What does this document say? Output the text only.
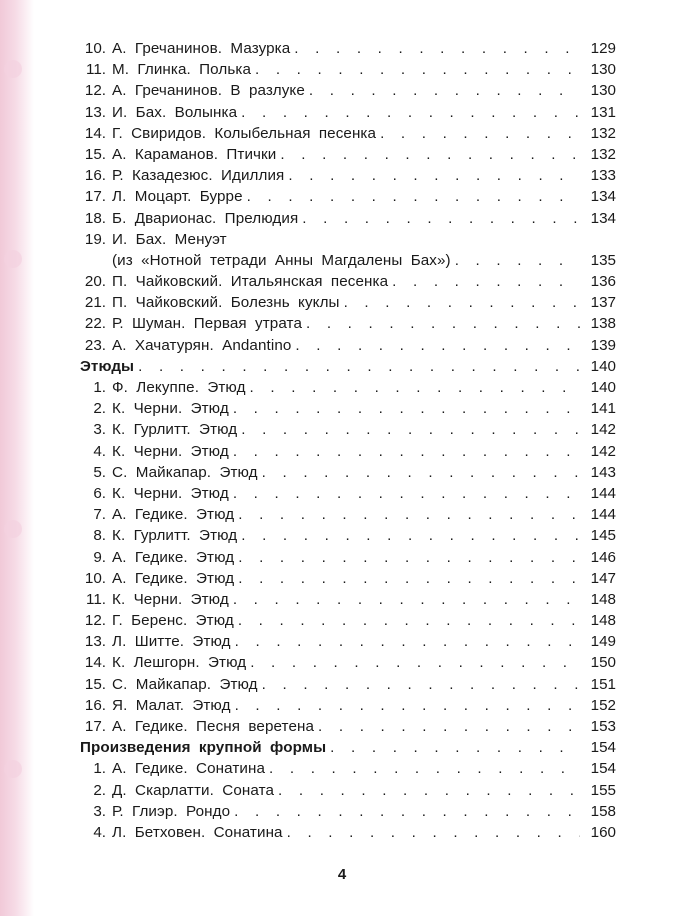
10. А. Гречанинов. Мазурка . . .	129
11. М. Глинка. Полька . . .	130
12. А. Гречанинов. В разлуке . . .	130
13. И. Бах. Волынка . . .	131
14. Г. Свиридов. Колыбельная песенка . . .	132
15. А. Караманов. Птички . . .	132
16. Р. Казадезюс. Идиллия . . .	133
17. Л. Моцарт. Бурре . . .	134
18. Б. Дварионас. Прелюдия . . .	134
19. И. Бах. Менуэт
(из «Нотной тетради Анны Магдалены Бах») . . .	135
20. П. Чайковский. Итальянская песенка . . .	136
21. П. Чайковский. Болезнь куклы . . .	137
22. Р. Шуман. Первая утрата . . .	138
23. А. Хачатурян. Andantino . . .	139
Этюды . . .	140
1. Ф. Лекуппе. Этюд . . .	140
2. К. Черни. Этюд . . .	141
3. К. Гурлитт. Этюд . . .	142
4. К. Черни. Этюд . . .	142
5. С. Майкапар. Этюд . . .	143
6. К. Черни. Этюд . . .	144
7. А. Гедике. Этюд . . .	144
8. К. Гурлитт. Этюд . . .	145
9. А. Гедике. Этюд . . .	146
10. А. Гедике. Этюд . . .	147
11. К. Черни. Этюд . . .	148
12. Г. Беренс. Этюд . . .	148
13. Л. Шитте. Этюд . . .	149
14. К. Лешгорн. Этюд . . .	150
15. С. Майкапар. Этюд . . .	151
16. Я. Малат. Этюд . . .	152
17. А. Гедике. Песня веретена . . .	153
Произведения крупной формы . . .	154
1. А. Гедике. Сонатина . . .	154
2. Д. Скарлатти. Соната . . .	155
3. Р. Глиэр. Рондо . . .	158
4. Л. Бетховен. Сонатина . . .	160
4
